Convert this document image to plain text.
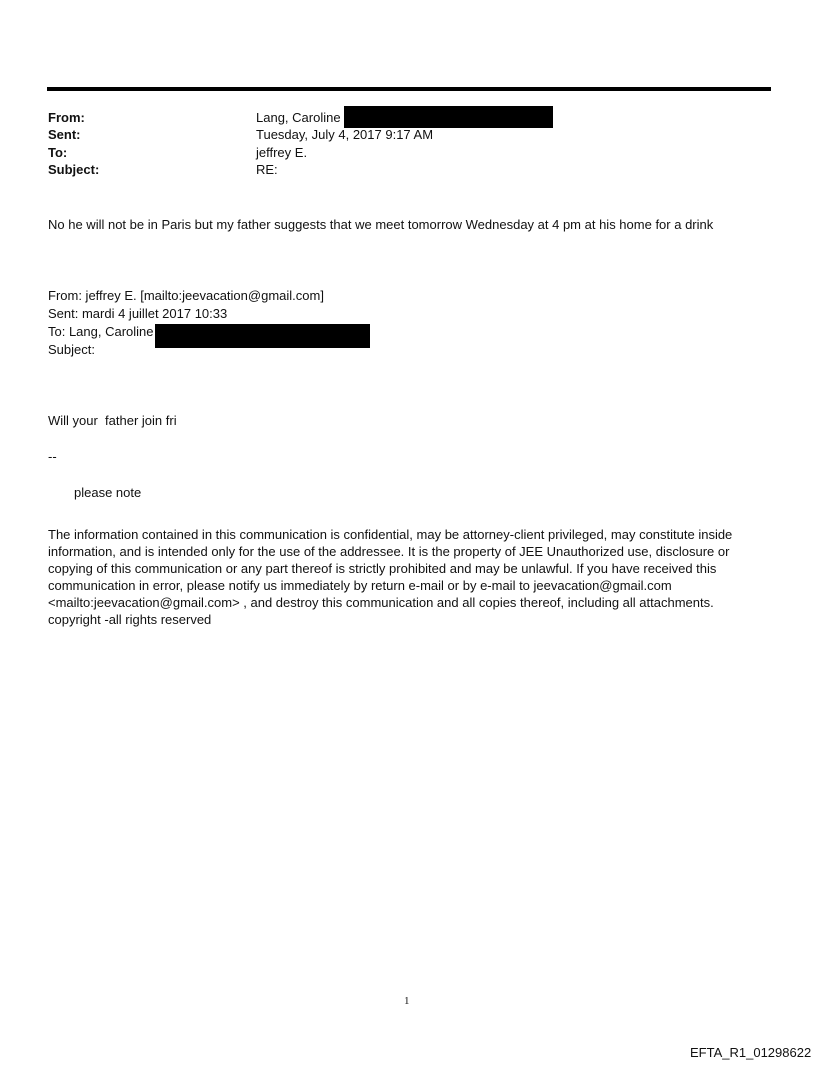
From:	Lang, Caroline
Sent:	Tuesday, July 4, 2017 9:17 AM
To:	jeffrey E.
Subject:	RE:
No he will not be in Paris but my father suggests that we meet tomorrow Wednesday at 4 pm at his home for a drink
From: jeffrey E. [mailto:jeevacation@gmail.com]
Sent: mardi 4 juillet 2017 10:33
To: Lang, Caroline
Subject:
Will your  father join fri
--
please note
The information contained in this communication is confidential, may be attorney-client privileged, may constitute inside information, and is intended only for the use of the addressee. It is the property of JEE Unauthorized use, disclosure or copying of this communication or any part thereof is strictly prohibited and may be unlawful. If you have received this communication in error, please notify us immediately by return e-mail or by e-mail to jeevacation@gmail.com <mailto:jeevacation@gmail.com> , and destroy this communication and all copies thereof, including all attachments. copyright -all rights reserved
1
EFTA_R1_01298622
